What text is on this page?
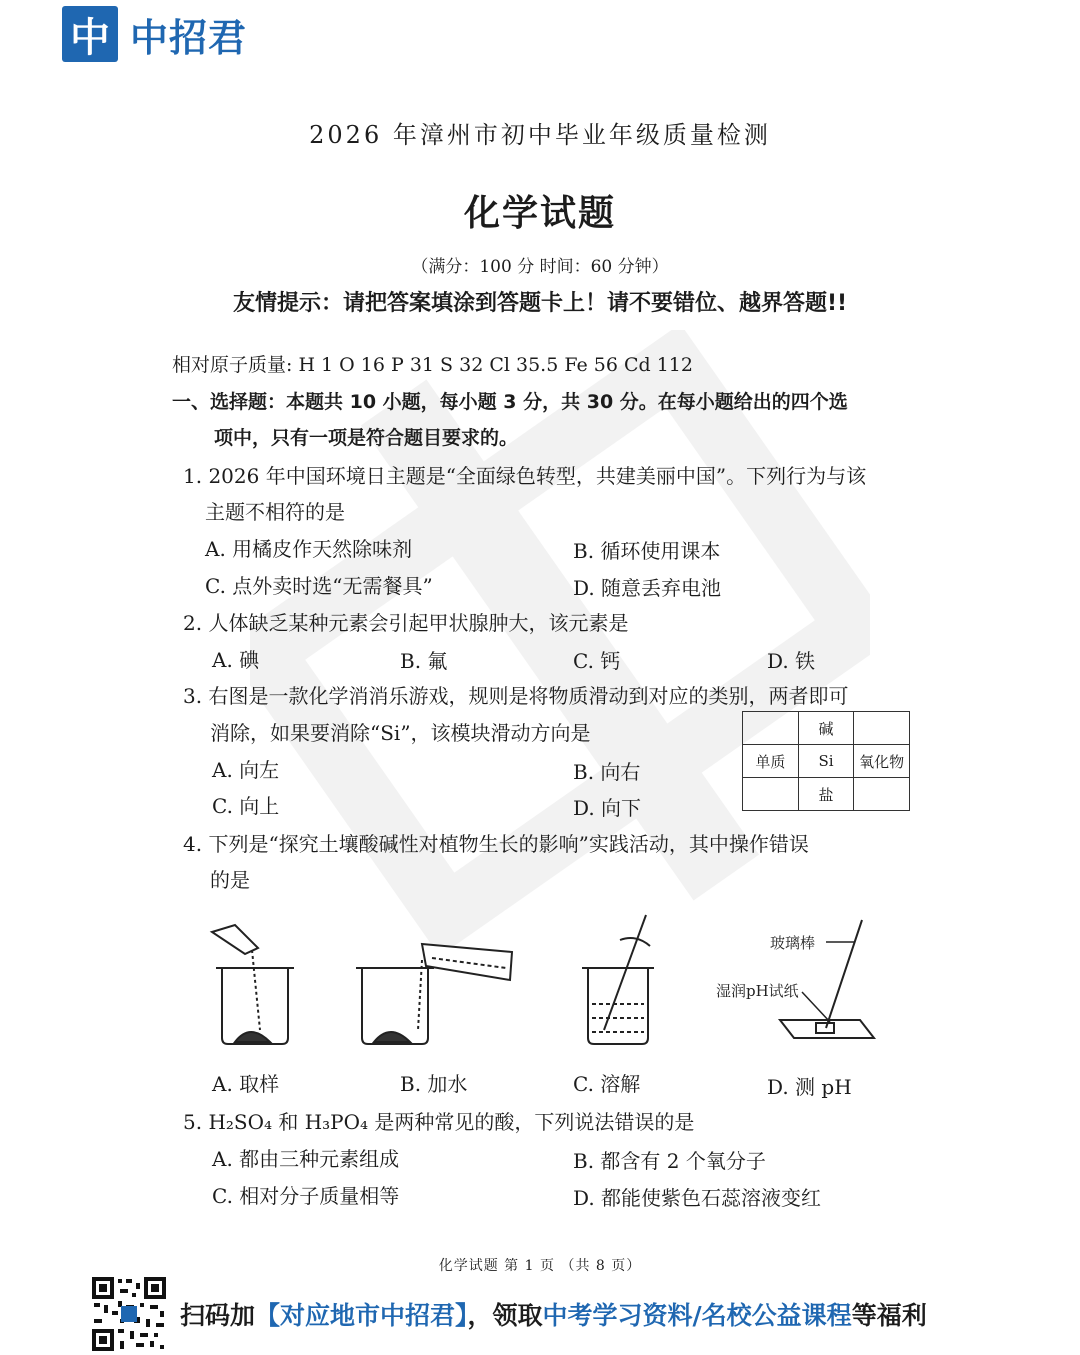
中 中招君
2026 年漳州市初中毕业年级质量检测
化学试题
（满分：100 分 时间：60 分钟）
友情提示：请把答案填涂到答题卡上！请不要错位、越界答题!!
相对原子质量: H 1 O 16 P 31 S 32 Cl 35.5 Fe 56 Cd 112
一、选择题：本题共 10 小题，每小题 3 分，共 30 分。在每小题给出的四个选
项中，只有一项是符合题目要求的。
1. 2026 年中国环境日主题是“全面绿色转型，共建美丽中国”。下列行为与该
主题不相符的是
A. 用橘皮作天然除味剂	B. 循环使用课本
C. 点外卖时选“无需餐具”	D. 随意丢弃电池
2. 人体缺乏某种元素会引起甲状腺肿大，该元素是
A. 碘	B. 氟	C. 钙	D. 铁
3. 右图是一款化学消消乐游戏，规则是将物质滑动到对应的类别，两者即可
消除，如果要消除“Si”，该模块滑动方向是
A. 向左	B. 向右
C. 向上	D. 向下
	碱	
单质	Si	氧化物
	盐	
4. 下列是“探究土壤酸碱性对植物生长的影响”实践活动，其中操作错误
的是
玻璃棒
湿润pH试纸
A. 取样	B. 加水	C. 溶解	D. 测 pH
5. H₂SO₄ 和 H₃PO₄ 是两种常见的酸，下列说法错误的是
A. 都由三种元素组成	B. 都含有 2 个氧分子
C. 相对分子质量相等	D. 都能使紫色石蕊溶液变红
化学试题 第 1 页 （共 8 页）
扫码加【对应地市中招君】，领取中考学习资料/名校公益课程等福利
